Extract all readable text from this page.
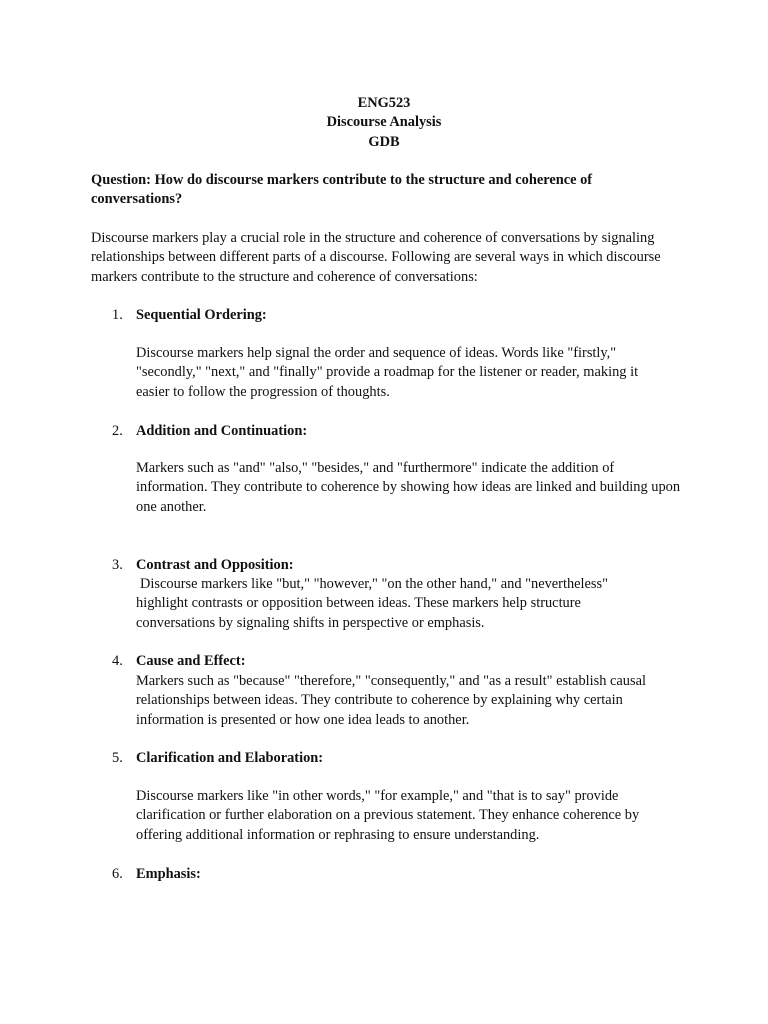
ENG523
Discourse Analysis
GDB
Question: How do discourse markers contribute to the structure and coherence of conversations?
Discourse markers play a crucial role in the structure and coherence of conversations by signaling relationships between different parts of a discourse. Following are several ways in which discourse markers contribute to the structure and coherence of conversations:
1. Sequential Ordering:
Discourse markers help signal the order and sequence of ideas. Words like "firstly," "secondly," "next," and "finally" provide a roadmap for the listener or reader, making it easier to follow the progression of thoughts.
2. Addition and Continuation:
Markers such as "and" "also," "besides," and "furthermore" indicate the addition of information. They contribute to coherence by showing how ideas are linked and building upon one another.
3. Contrast and Opposition:
Discourse markers like "but," "however," "on the other hand," and "nevertheless" highlight contrasts or opposition between ideas. These markers help structure conversations by signaling shifts in perspective or emphasis.
4. Cause and Effect:
Markers such as "because" "therefore," "consequently," and "as a result" establish causal relationships between ideas. They contribute to coherence by explaining why certain information is presented or how one idea leads to another.
5. Clarification and Elaboration:
Discourse markers like "in other words," "for example," and "that is to say" provide clarification or further elaboration on a previous statement. They enhance coherence by offering additional information or rephrasing to ensure understanding.
6. Emphasis:
